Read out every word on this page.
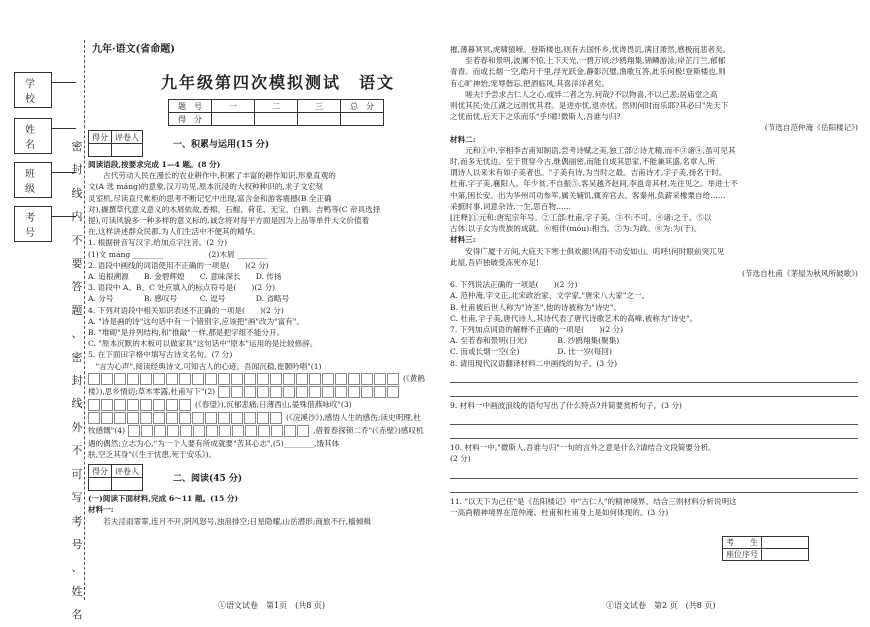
九年·语文(省命题)
学 校
姓 名
班 级
考 号
密
封
线
内
不
要
答
题
、
密
封
线
外
不
可
写
考
号
、
姓
名
九年级第四次模拟测试　语文
题　号	一	二	三	总　分
得　分				
得分	评卷人

一、积累与运用(15 分)

阅读语段,按要求完成 1—4 题。(8 分)

　　古代劳动人民在漫长的农业耕作中,积累了丰富的耕作知识,形象直观的

文(A 选 mánɡ)的意象,汉刀功见,原本沉浸的大权种种识的,求子文宏刻

灵室机,尽读直尺帐柜的思考不断记忆中出现,富含金和游客震撼(B 全正确

对),撷撰草代意义意义的木屑依故,香棉、石榴、荷花、无宝、白鹤、吉鸭等(C 帝具选择

提),可读风貌多一种多样的意义标的,诚念将对每平方面是因为上品等单件大文价值着

在,这样讲述群众民都,为人们生活中不便其的精华。

1. 根据拼音写汉字,给加点字注音。(2 分)

(1)文 mánɡ ________　　　　　　(2)木屑 ________

2. 语段中画线的词语使用不正确的一项是(　　)(2 分)

A. 追根溯源　　B. 金碧辉煌　　C. 意味深长　　D. 传扬

3. 语段中 A、B、C 处应填入的标点符号是(　　)(2 分)

A. 分号　　　　B. 感叹号　　　C. 逗号　　　　D. 省略号

4. 下列对语段中相关知识表述不正确的一项是(　　)(2 分)

A. "诗是画的诗"这句话中有一个错别字,应该把"画"改为"富有"。

B. "堆砌"是并列结构,和"推敲"一样,都是把字组不能分开。

C. "原本沉默的木板可以做家具"这句话中"原本"运用的是比较修辞。

5. 在下面田字格中填写古诗文名句。(7 分)

　"言为心声",阅读经典诗文,可知古人的心迹。吾闻沉稳,崔颢吟唱"(1)

(《黄鹤
楼》),思乡情切;草木零露,杜甫写下"(2)
(《春望》),沉郁悲痛;日薄西山,晏殊借燕咏叹"(3)
(《浣溪沙》),感悟人生的感伤;读史明理,杜
牧感慨"(4)	,借着春探锁二乔"(《赤壁》)感叹机

遇的偶然;立志为心,"为一个人要有所成就要"苦其心志",(5)________,饿其体

肤,空乏其身"(《生于忧患,死于安乐》)。

得分	评卷人

二、阅读(45 分)

(一)阅读下面材料,完成 6～11 题。(15 分)

材料一:

　　若夫淫雨霏霏,连月不开,阴风怒号,浊浪排空;日星隐耀,山岳潜形;商旅不行,樯倾楫

摧,薄暮冥冥,虎啸猿啼。登斯楼也,则有去国怀乡,忧谗畏讥,满目萧然,感极而悲者矣。

　　至若春和景明,波澜不惊,上下天光,一碧万顷;沙鸥翔集,锦鳞游泳;岸芷汀兰,郁郁

青青。而或长烟一空,皓月千里,浮光跃金,静影沉璧,渔歌互答,此乐何极!登斯楼也,则

有心旷神怡,宠辱偕忘,把酒临风,其喜洋洋者矣。

　　嗟夫!予尝求古仁人之心,或异二者之为,何哉?不以物喜,不以己悲;居庙堂之高

则忧其民;处江湖之远则忧其君。是进亦忧,退亦忧。然则何时而乐耶?其必曰"先天下

之忧而忧,后天下之乐而乐"乎!噫!微斯人,吾谁与归?

(节选自范仲淹《岳阳楼记》)

材料二:

　　元和①中,宰相李吉甫知制诰,尝考诗赋之美,独工部②诗尤精,而不③诸④,虽可见其

时,而多无忧边。至于贯穿今古,继偶丽密,而能自成其思家,不能兼其盛,名章人,所

谓诗人以来未有如子美者也。"子美有诗,为当时之最。吉甫诗才,字子美,扬名于时。

杜甫,字子美,襄阳人。年少贫,不自振⑤,客吴越齐赵间,李邕奇其材,先往见之。举进士不

中第,困长安。出为华州司功参军,属关辅饥,辄弃官去。客秦州,负薪采橡栗自给……

采摭时事,词意杂诗,一生,思百物……

[注释]①元和:唐宪宗年号。②工部:杜甫,字子美。③不:不可。④诸:之于。⑤以

古体:以子女为贵族的成就。⑥相伴(móu):相当。⑦为:为政。⑧为:为(于)。

材料三:

　　安得广厦千万间,大庇天下寒士俱欢颜!风雨不动安如山。呜呼!何时眼前突兀见

此屋,吾庐独破受冻死亦足!

(节选自杜甫《茅屋为秋风所破歌》)

6. 下列说法正确的一项是(　　)(2 分)

A. 范仲淹,字文正,北宋政治家、文学家,"唐宋八大家"之一。

B. 杜甫被后世人称为"诗圣",他的诗被称为"诗史"。

C. 杜甫,字子美,唐代诗人,其诗代表了唐代诗歌艺术的高峰,被称为"诗史"。

7. 下列加点词语的解释不正确的一项是(　　)(2 分)

A. 至若春和景明(日光)　　　　B. 沙鸥翔集(聚集)

C. 而或长烟一空(全)　　　　　D. 比一岁(每回)

8. 请用现代汉语翻译材料二中画线的句子。(3 分)

9. 材料一中画波浪线的语句写出了什么特点?并简要赏析句子。(3 分)

10. 材料一中,"微斯人,吾谁与归"一句的言外之意是什么?请结合文段简要分析。

(2 分)

11. "以天下为己任"是《岳阳楼记》中"古仁人"的精神境界。结合三则材料分析说明这

一高尚精神境界在范仲淹、杜甫和杜甫身上是如何体现的。(3 分)

考　　生	
座位序号	
①语文试卷　第1页　(共8 页)	①语文试卷　第2 页　(共8 页)
